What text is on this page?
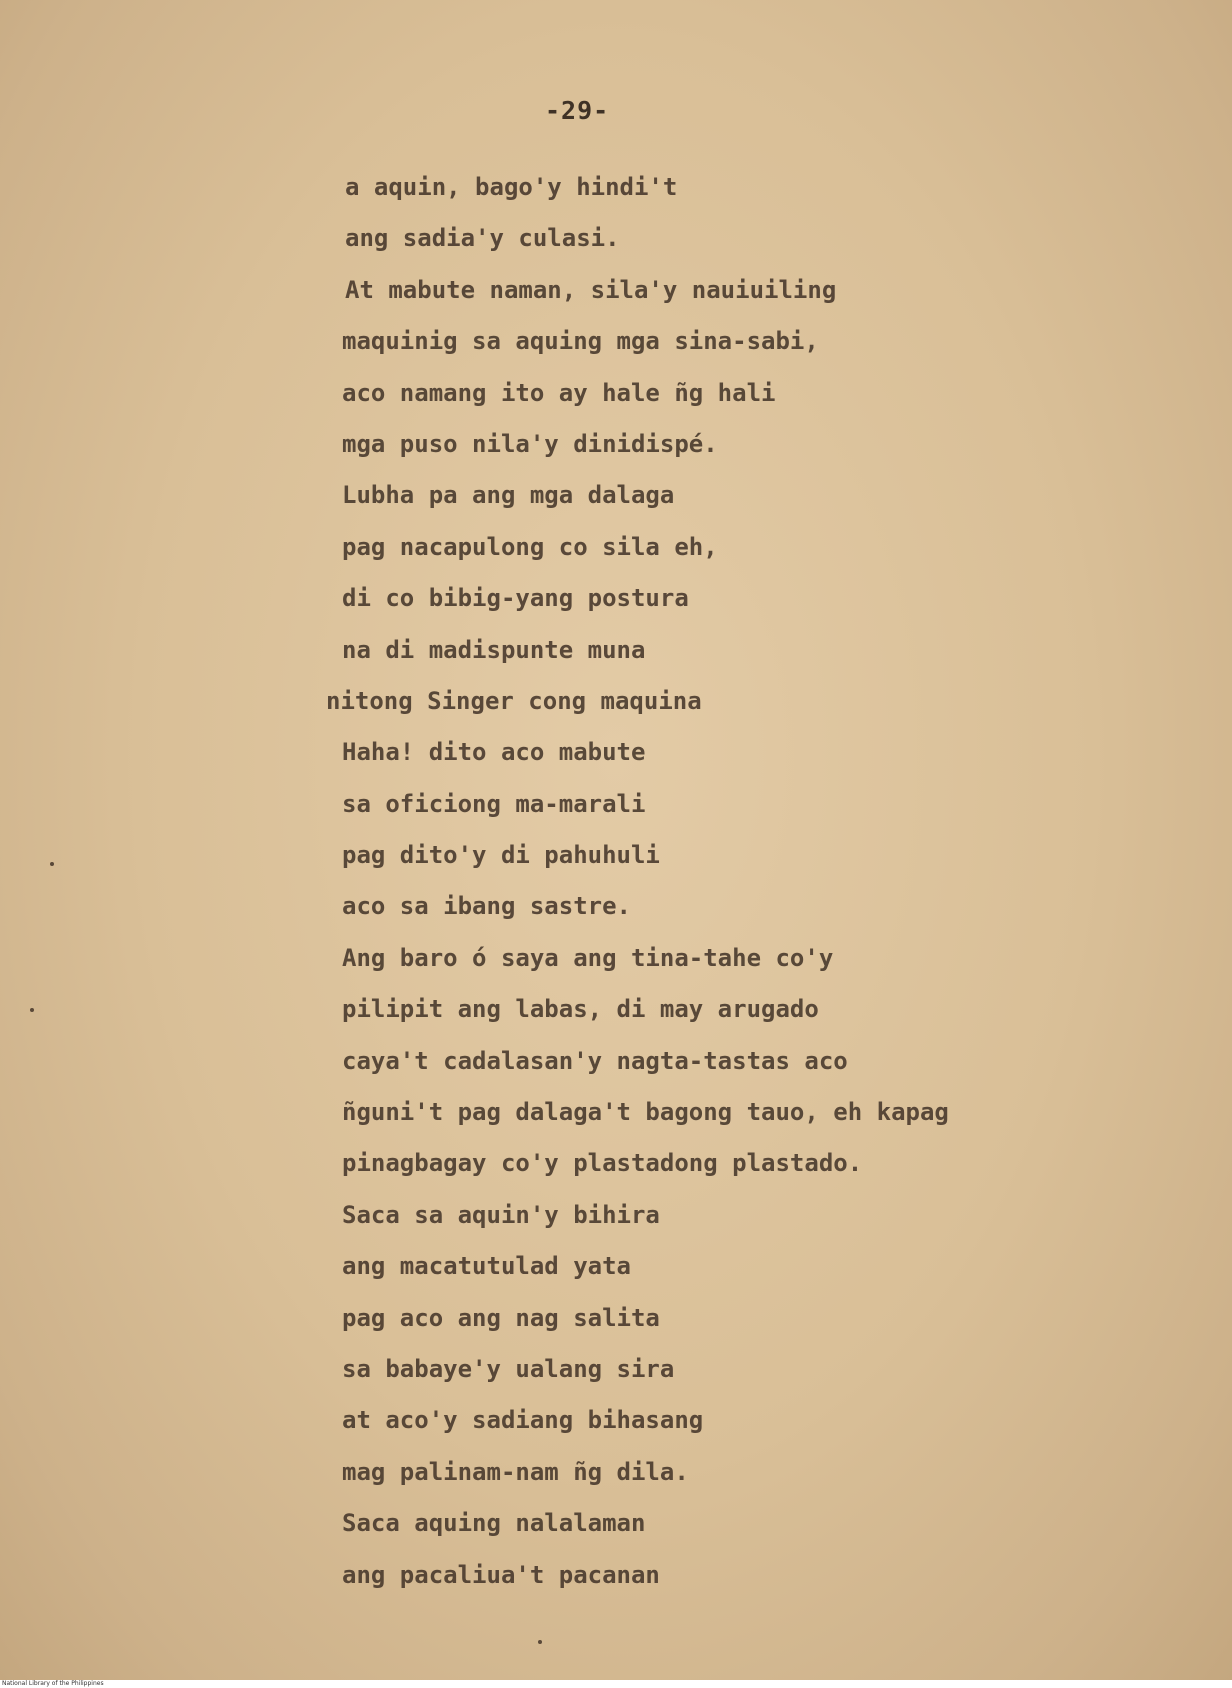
-29-
a aquin, bago'y hindi't
ang sadia'y culasi.
At mabute naman, sila'y nauiuiling
maquinig sa aquing mga sina-sabi,
aco namang ito ay hale ñg hali
mga puso nila'y dinidispé.
Lubha pa ang mga dalaga
pag nacapulong co sila eh,
di co bibig-yang postura
na di madispunte muna
nitong Singer cong maquina
Haha! dito aco mabute
sa oficiong ma-marali
pag dito'y di pahuhuli
aco sa ibang sastre.
Ang baro ó saya ang tina-tahe co'y
pilipit ang labas, di may arugado
caya't cadalasan'y nagta-tastas aco
ñguni't pag dalaga't bagong tauo, eh kapag
pinagbagay co'y plastadong plastado.
Saca sa aquin'y bihira
ang macatutulad yata
pag aco ang nag salita
sa babaye'y ualang sira
at aco'y sadiang bihasang
mag palinam-nam ñg dila.
Saca aquing nalalaman
ang pacaliua't pacanan
National Library of the Philippines
